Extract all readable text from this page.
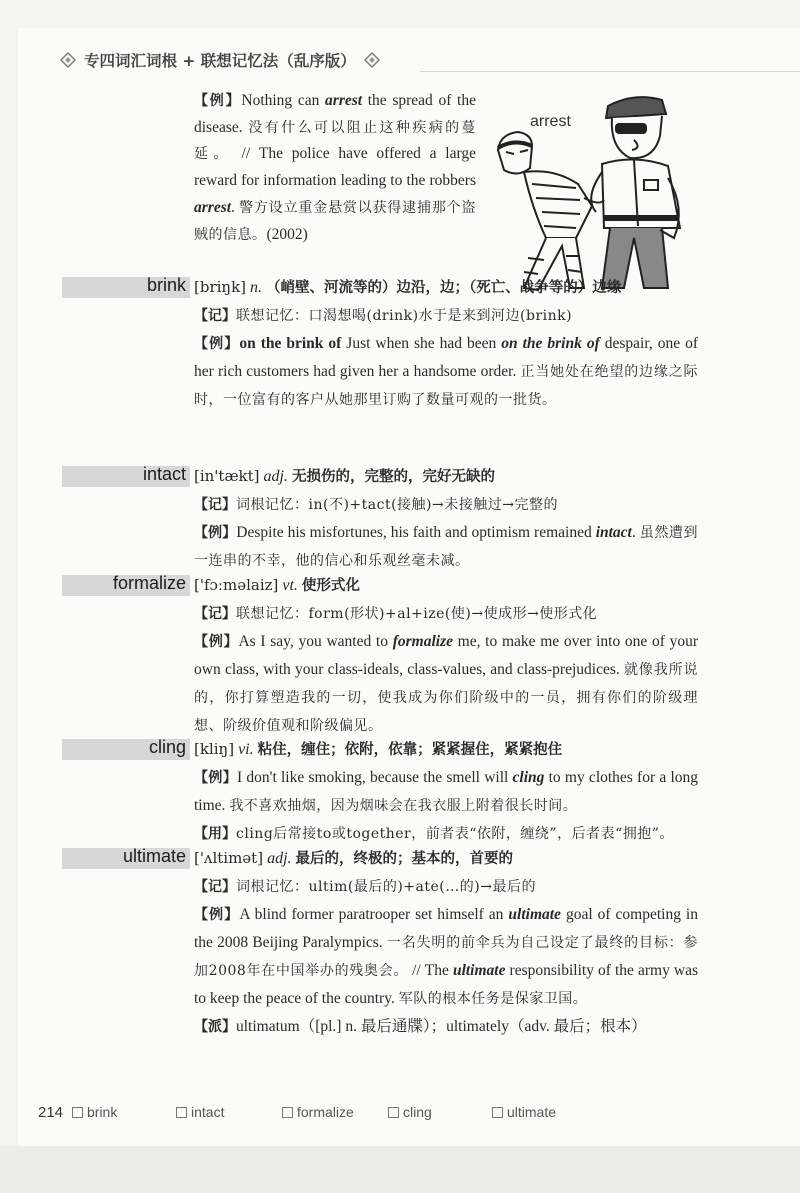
专四词汇词根 + 联想记忆法（乱序版）
【例】Nothing can arrest the spread of the disease. 没有什么可以阻止这种疾病的蔓延。 // The police have offered a large reward for information leading to the robbers arrest. 警方设立重金悬赏以获得逮捕那个盗贼的信息。(2002)
arrest
brink [briŋk] n. （峭壁、河流等的）边沿，边；（死亡、战争等的）边缘

【记】联想记忆：口渴想喝(drink)水于是来到河边(brink)

【例】on the brink of Just when she had been on the brink of despair, one of her rich customers had given her a handsome order. 正当她处在绝望的边缘之际时，一位富有的客户从她那里订购了数量可观的一批货。

intact [in'tækt] adj. 无损伤的，完整的，完好无缺的

【记】词根记忆：in(不)+tact(接触)→未接触过→完整的

【例】Despite his misfortunes, his faith and optimism remained intact. 虽然遭到一连串的不幸，他的信心和乐观丝毫未减。

formalize ['fɔːməlaiz] vt. 使形式化

【记】联想记忆：form(形状)+al+ize(使)→使成形→使形式化

【例】As I say, you wanted to formalize me, to make me over into one of your own class, with your class-ideals, class-values, and class-prejudices. 就像我所说的，你打算塑造我的一切，使我成为你们阶级中的一员，拥有你们的阶级理想、阶级价值观和阶级偏见。

cling [kliŋ] vi. 粘住，缠住；依附，依靠；紧紧握住，紧紧抱住

【例】I don't like smoking, because the smell will cling to my clothes for a long time. 我不喜欢抽烟，因为烟味会在我衣服上附着很长时间。

【用】cling后常接to或together，前者表“依附，缠绕”，后者表“拥抱”。

ultimate ['ʌltimət] adj. 最后的，终极的；基本的，首要的

【记】词根记忆：ultim(最后的)+ate(…的)→最后的

【例】A blind former paratrooper set himself an ultimate goal of competing in the 2008 Beijing Paralympics. 一名失明的前伞兵为自己设定了最终的目标：参加2008年在中国举办的残奥会。 // The ultimate responsibility of the army was to keep the peace of the country. 军队的根本任务是保家卫国。

【派】ultimatum（[pl.] n. 最后通牒）；ultimately（adv. 最后；根本）

214 brink	intact	formalize	cling	ultimate
